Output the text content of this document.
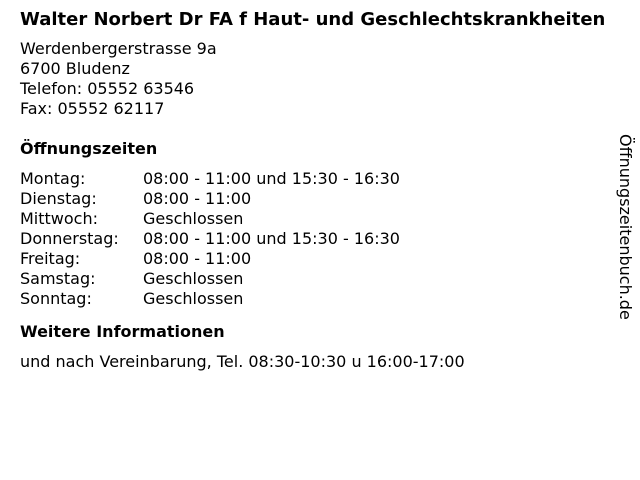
Walter Norbert Dr FA f Haut- und Geschlechtskrankheiten
Werdenbergerstrasse 9a
6700 Bludenz
Telefon: 05552 63546
Fax: 05552 62117
Öffnungszeiten
Montag:	08:00 - 11:00 und 15:30 - 16:30
Dienstag:	08:00 - 11:00
Mittwoch:	Geschlossen
Donnerstag:	08:00 - 11:00 und 15:30 - 16:30
Freitag:	08:00 - 11:00
Samstag:	Geschlossen
Sonntag:	Geschlossen
Weitere Informationen
und nach Vereinbarung, Tel. 08:30-10:30 u 16:00-17:00
Öffnungszeitenbuch.de
